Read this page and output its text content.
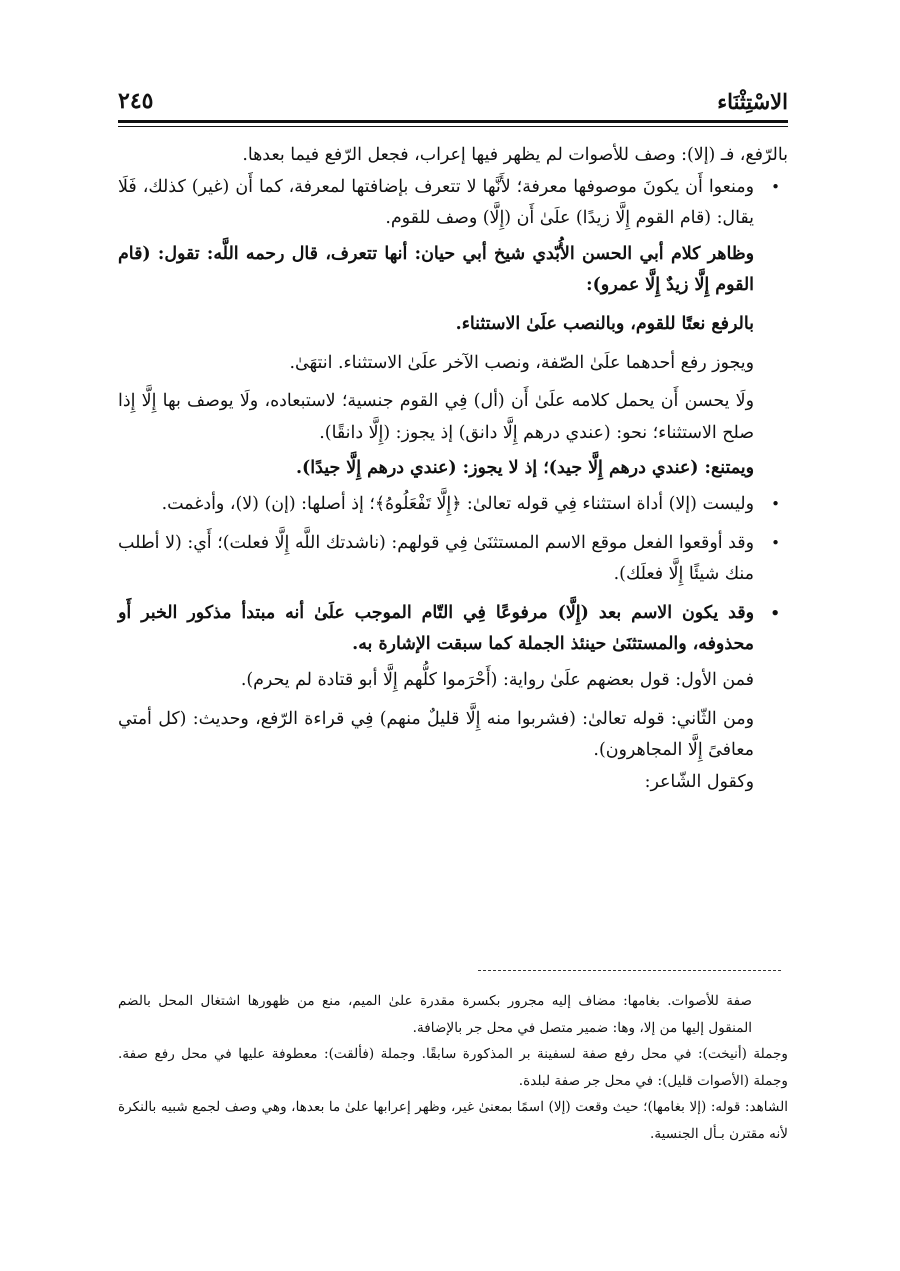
الاسْتِثْنَاء
٢٤٥

بالرّفع، فـ (إلا): وصف للأصوات لم يظهر فيها إعراب، فجعل الرّفع فيما بعدها.

• ومنعوا أَن يكونَ موصوفها معرفة؛ لأَنَّها لا تتعرف بإضافتها لمعرفة، كما أَن (غير) كذلك، فَلَا يقال: (قام القوم إِلَّا زيدًا) علَىٰ أَن (إِلَّا) وصف للقوم.

وظاهر كلام أبي الحسن الأُبّدي شيخ أبي حيان: أنها تتعرف، قال رحمه اللَّه: تقول: (قام القوم إِلَّا زيدٌ إِلَّا عمرو):

بالرفع نعتًا للقوم، وبالنصب علَىٰ الاستثناء.

ويجوز رفع أحدهما علَىٰ الصّفة، ونصب الآخر علَىٰ الاستثناء. انتهَىٰ.

ولَا يحسن أَن يحمل كلامه علَىٰ أَن (أل) فِي القوم جنسية؛ لاستبعاده، ولَا يوصف بها إِلَّا إِذا صلح الاستثناء؛ نحو: (عندي درهم إِلَّا دانق) إذ يجوز: (إِلَّا دانقًا).

ويمتنع: (عندي درهم إِلَّا جيد)؛ إذ لا يجوز: (عندي درهم إِلَّا جيدًا).

• وليست (إلا) أداة استثناء فِي قوله تعالىٰ: ﴿إِلَّا تَفْعَلُوهُ﴾؛ إذ أصلها: (إن) (لا)، وأدغمت.

• وقد أوقعوا الفعل موقع الاسم المستثنَىٰ فِي قولهم: (ناشدتك اللَّه إِلَّا فعلت)؛ أَي: (لا أطلب منك شيئًا إِلَّا فعلَك).

• وقد يكون الاسم بعد (إِلَّا) مرفوعًا فِي التّام الموجب علَىٰ أنه مبتدأ مذكور الخبر أَو محذوفه، والمستثنَىٰ حينئذ الجملة كما سبقت الإشارة به.

فمن الأول: قول بعضهم علَىٰ رواية: (أَحْرَموا كلُّهم إِلَّا أبو قتادة لم يحرم).

ومن الثّاني: قوله تعالىٰ: (فشربوا منه إِلَّا قليلٌ منهم) فِي قراءة الرّفع، وحديث: (كل أمتي معافىً إِلَّا المجاهرون).

وكقول الشّاعر:

صفة للأصوات. بغامها: مضاف إليه مجرور بكسرة مقدرة علىٰ الميم، منع من ظهورها اشتغال المحل بالضم المنقول إليها من إلا، وها: ضمير متصل في محل جر بالإضافة.

وجملة (أنيخت): في محل رفع صفة لسفينة بر المذكورة سابقًا. وجملة (فألقت): معطوفة عليها في محل رفع صفة. وجملة (الأصوات قليل): في محل جر صفة لبلدة.

الشاهد: قوله: (إلا بغامها)؛ حيث وقعت (إلا) اسمًا بمعنىٰ غير، وظهر إعرابها علىٰ ما بعدها، وهي وصف لجمع شبيه بالنكرة لأنه مقترن بـأل الجنسية.
